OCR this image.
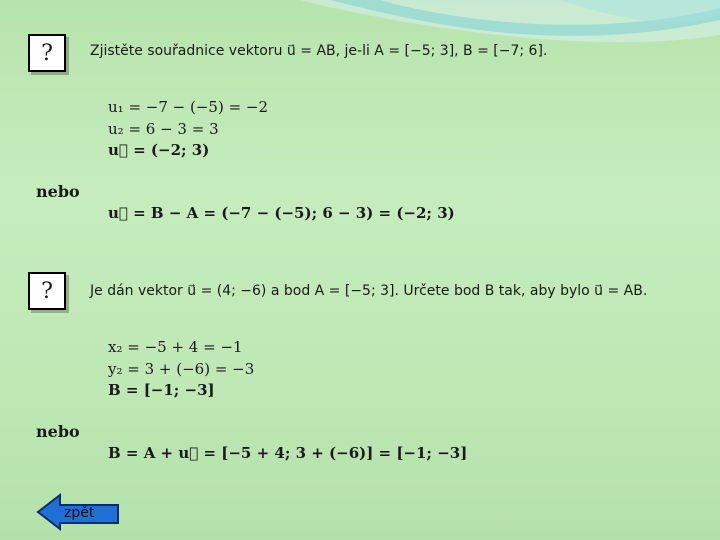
?	Zjistěte souřadnice vektoru u⃗ = AB, je-li A = [−5; 3], B = [−7; 6].
u₁ = −7 − (−5) = −2
u₂ = 6 − 3 = 3
u⃗ = (−2; 3)
nebo
u⃗ = B − A = (−7 − (−5); 6 − 3) = (−2; 3)
?	Je dán vektor u⃗ = (4; −6) a bod A = [−5; 3]. Určete bod B tak, aby bylo u⃗ = AB.
x₂ = −5 + 4 = −1
y₂ = 3 + (−6) = −3
B = [−1; −3]
nebo
B = A + u⃗ = [−5 + 4; 3 + (−6)] = [−1; −3]
zpět
